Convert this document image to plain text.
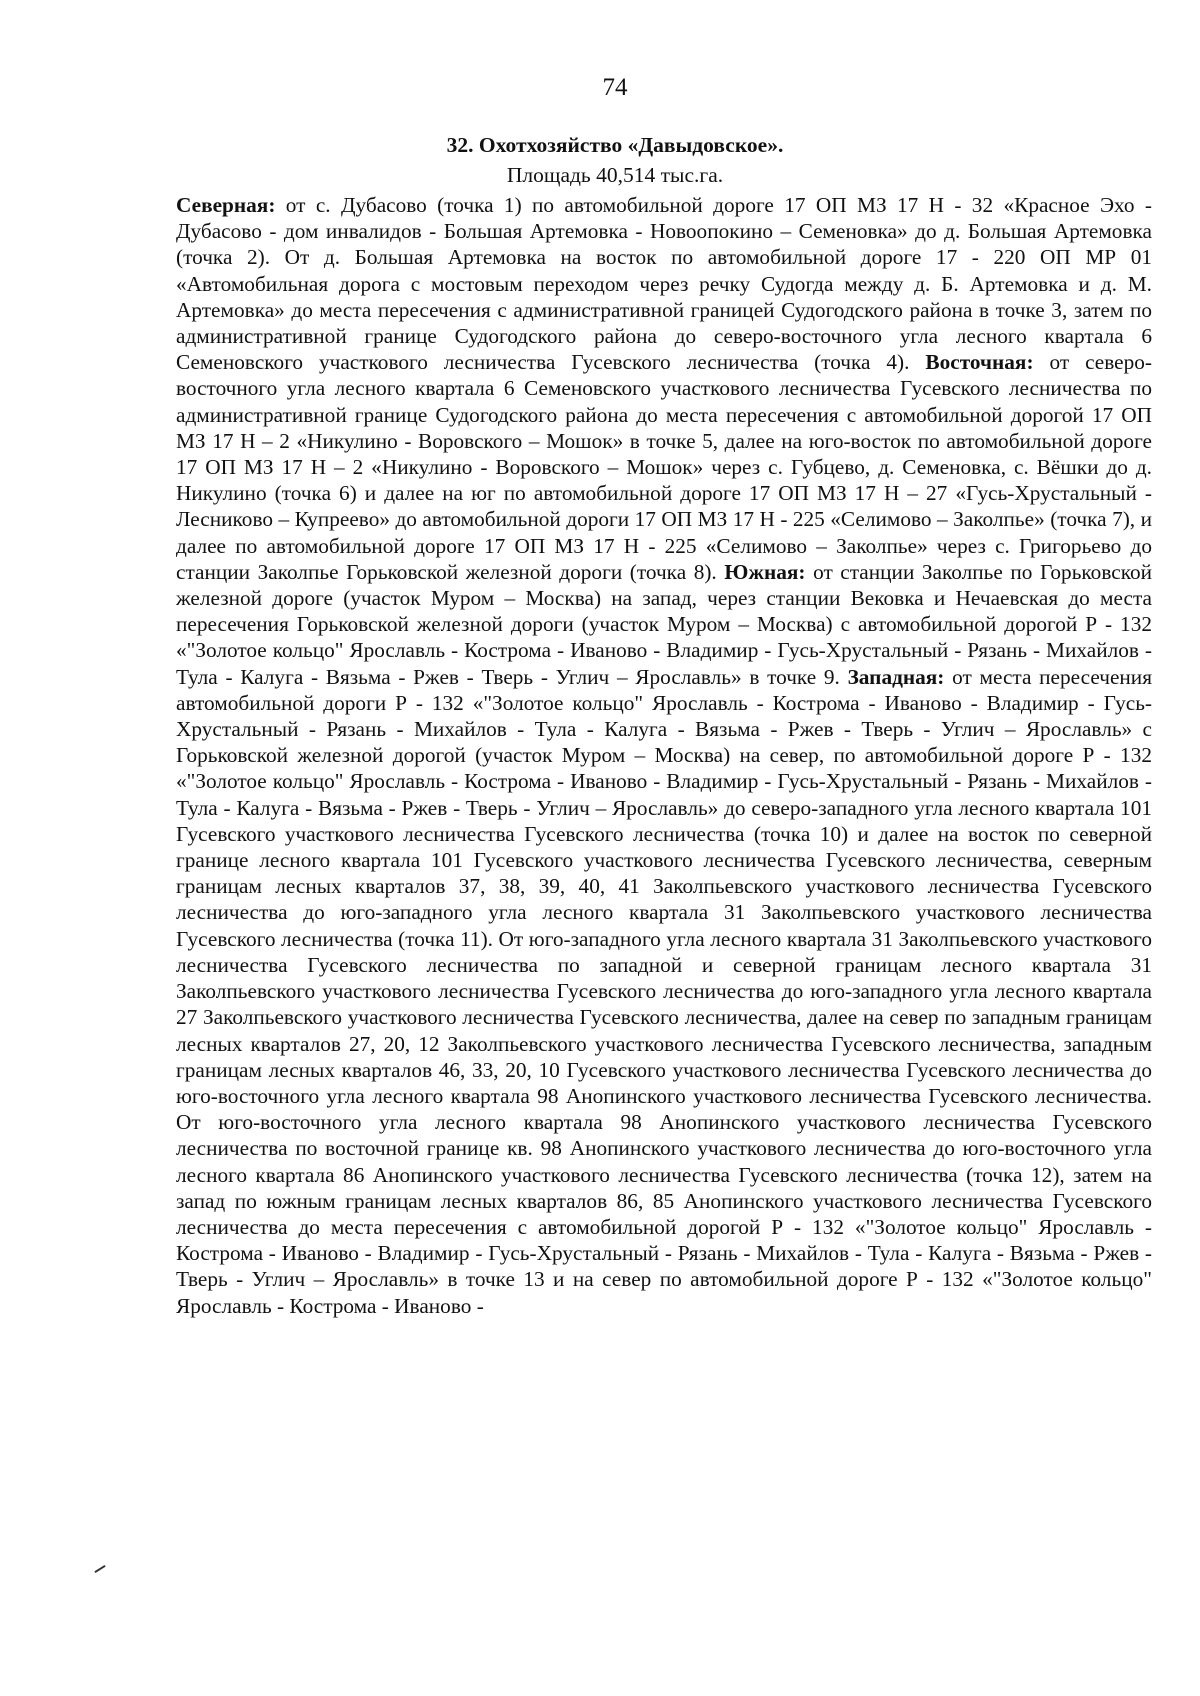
74
32. Охотхозяйство «Давыдовское».
Площадь 40,514 тыс.га.

Северная: от с. Дубасово (точка 1) по автомобильной дороге 17 ОП МЗ 17 Н - 32 «Красное Эхо - Дубасово - дом инвалидов - Большая Артемовка - Новоопокино – Семеновка» до д. Большая Артемовка (точка 2). От д. Большая Артемовка на восток по автомобильной дороге 17 - 220 ОП МР 01 «Автомобильная дорога с мостовым переходом через речку Судогда между д. Б. Артемовка и д. М. Артемовка» до места пересечения с административной границей Судогодского района в точке 3, затем по административной границе Судогодского района до северо-восточного угла лесного квартала 6 Семеновского участкового лесничества Гусевского лесничества (точка 4). Восточная: от северо-восточного угла лесного квартала 6 Семеновского участкового лесничества Гусевского лесничества по административной границе Судогодского района до места пересечения с автомобильной дорогой 17 ОП МЗ 17 Н – 2 «Никулино - Воровского – Мошок» в точке 5, далее на юго-восток по автомобильной дороге 17 ОП МЗ 17 Н – 2 «Никулино - Воровского – Мошок» через с. Губцево, д. Семеновка, с. Вёшки до д. Никулино (точка 6) и далее на юг по автомобильной дороге 17 ОП МЗ 17 Н – 27 «Гусь-Хрустальный - Лесниково – Купреево» до автомобильной дороги 17 ОП МЗ 17 Н - 225 «Селимово – Заколпье» (точка 7), и далее по автомобильной дороге 17 ОП МЗ 17 Н - 225 «Селимово – Заколпье» через с. Григорьево до станции Заколпье Горьковской железной дороги (точка 8). Южная: от станции Заколпье по Горьковской железной дороге (участок Муром – Москва) на запад, через станции Вековка и Нечаевская до места пересечения Горьковской железной дороги (участок Муром – Москва) с автомобильной дорогой Р - 132 «"Золотое кольцо" Ярославль - Кострома - Иваново - Владимир - Гусь-Хрустальный - Рязань - Михайлов - Тула - Калуга - Вязьма - Ржев - Тверь - Углич – Ярославль» в точке 9. Западная: от места пересечения автомобильной дороги Р - 132 «"Золотое кольцо" Ярославль - Кострома - Иваново - Владимир - Гусь-Хрустальный - Рязань - Михайлов - Тула - Калуга - Вязьма - Ржев - Тверь - Углич – Ярославль» с Горьковской железной дорогой (участок Муром – Москва) на север, по автомобильной дороге Р - 132 «"Золотое кольцо" Ярославль - Кострома - Иваново - Владимир - Гусь-Хрустальный - Рязань - Михайлов - Тула - Калуга - Вязьма - Ржев - Тверь - Углич – Ярославль» до северо-западного угла лесного квартала 101 Гусевского участкового лесничества Гусевского лесничества (точка 10) и далее на восток по северной границе лесного квартала 101 Гусевского участкового лесничества Гусевского лесничества, северным границам лесных кварталов 37, 38, 39, 40, 41 Заколпьевского участкового лесничества Гусевского лесничества до юго-западного угла лесного квартала 31 Заколпьевского участкового лесничества Гусевского лесничества (точка 11). От юго-западного угла лесного квартала 31 Заколпьевского участкового лесничества Гусевского лесничества по западной и северной границам лесного квартала 31 Заколпьевского участкового лесничества Гусевского лесничества до юго-западного угла лесного квартала 27 Заколпьевского участкового лесничества Гусевского лесничества, далее на север по западным границам лесных кварталов 27, 20, 12 Заколпьевского участкового лесничества Гусевского лесничества, западным границам лесных кварталов 46, 33, 20, 10 Гусевского участкового лесничества Гусевского лесничества до юго-восточного угла лесного квартала 98 Анопинского участкового лесничества Гусевского лесничества. От юго-восточного угла лесного квартала 98 Анопинского участкового лесничества Гусевского лесничества по восточной границе кв. 98 Анопинского участкового лесничества до юго-восточного угла лесного квартала 86 Анопинского участкового лесничества Гусевского лесничества (точка 12), затем на запад по южным границам лесных кварталов 86, 85 Анопинского участкового лесничества Гусевского лесничества до места пересечения с автомобильной дорогой Р - 132 «"Золотое кольцо" Ярославль - Кострома - Иваново - Владимир - Гусь-Хрустальный - Рязань - Михайлов - Тула - Калуга - Вязьма - Ржев - Тверь - Углич – Ярославль» в точке 13 и на север по автомобильной дороге Р - 132 «"Золотое кольцо" Ярославль - Кострома - Иваново -
